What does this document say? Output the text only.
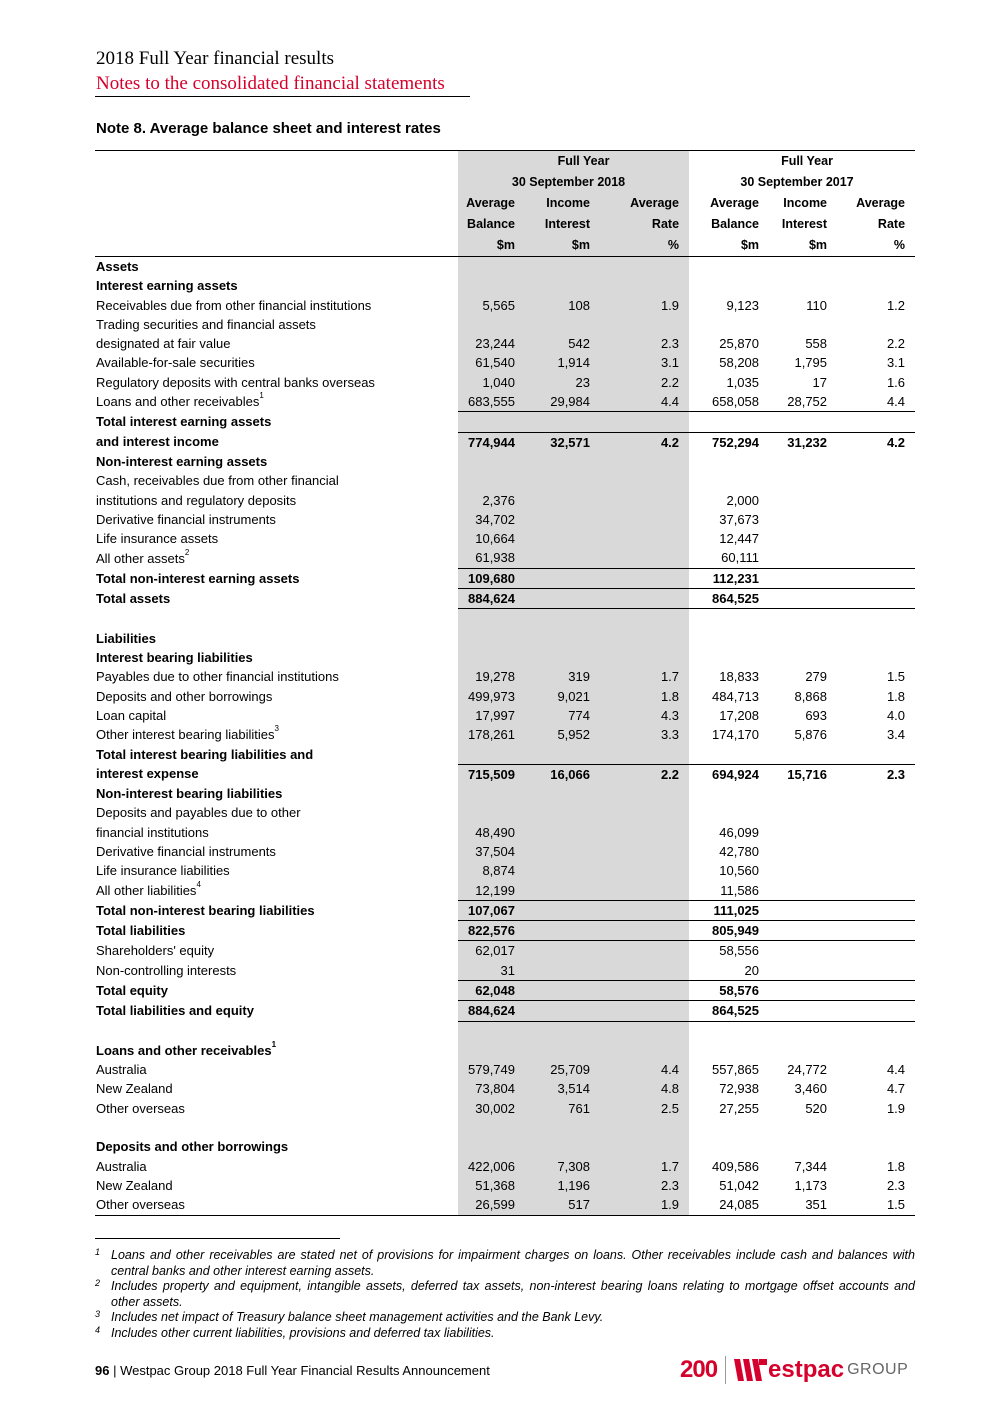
2018 Full Year financial results
Notes to the consolidated financial statements
Note 8. Average balance sheet and interest rates
	Full Year			Full Year		
	30 September 2018			30 September 2017		
	Average	Income	Average	Average	Income	Average
	Balance	Interest	Rate	Balance	Interest	Rate
	$m	$m	%	$m	$m	%
Assets						
Interest earning assets						
Receivables due from other financial institutions	5,565	108	1.9	9,123	110	1.2
Trading securities and financial assets						
designated at fair value	23,244	542	2.3	25,870	558	2.2
Available-for-sale securities	61,540	1,914	3.1	58,208	1,795	3.1
Regulatory deposits with central banks overseas	1,040	23	2.2	1,035	17	1.6
Loans and other receivables$^1$	683,555	29,984	4.4	658,058	28,752	4.4
Total interest earning assets						
and interest income	774,944	32,571	4.2	752,294	31,232	4.2
Non-interest earning assets						
Cash, receivables due from other financial						
institutions and regulatory deposits	2,376			2,000		
Derivative financial instruments	34,702			37,673		
Life insurance assets	10,664			12,447		
All other assets$^2$	61,938			60,111		
Total non-interest earning assets	109,680			112,231		
Total assets	884,624			864,525		

Liabilities						
Interest bearing liabilities						
Payables due to other financial institutions	19,278	319	1.7	18,833	279	1.5
Deposits and other borrowings	499,973	9,021	1.8	484,713	8,868	1.8
Loan capital	17,997	774	4.3	17,208	693	4.0
Other interest bearing liabilities$^3$	178,261	5,952	3.3	174,170	5,876	3.4
Total interest bearing liabilities and						
interest expense	715,509	16,066	2.2	694,924	15,716	2.3
Non-interest bearing liabilities						
Deposits and payables due to other						
financial institutions	48,490			46,099		
Derivative financial instruments	37,504			42,780		
Life insurance liabilities	8,874			10,560		
All other liabilities$^4$	12,199			11,586		
Total non-interest bearing liabilities	107,067			111,025		
Total liabilities	822,576			805,949		
Shareholders' equity	62,017			58,556		
Non-controlling interests	31			20		
Total equity	62,048			58,576		
Total liabilities and equity	884,624			864,525		

Loans and other receivables$^1$						
Australia	579,749	25,709	4.4	557,865	24,772	4.4
New Zealand	73,804	3,514	4.8	72,938	3,460	4.7
Other overseas	30,002	761	2.5	27,255	520	1.9

Deposits and other borrowings						
Australia	422,006	7,308	1.7	409,586	7,344	1.8
New Zealand	51,368	1,196	2.3	51,042	1,173	2.3
Other overseas	26,599	517	1.9	24,085	351	1.5
1 Loans and other receivables are stated net of provisions for impairment charges on loans. Other receivables include cash and balances with central banks and other interest earning assets.
2 Includes property and equipment, intangible assets, deferred tax assets, non-interest bearing loans relating to mortgage offset accounts and other assets.
3 Includes net impact of Treasury balance sheet management activities and the Bank Levy.
4 Includes other current liabilities, provisions and deferred tax liabilities.
96 | Westpac Group 2018 Full Year Financial Results Announcement	200 estpac GROUP
